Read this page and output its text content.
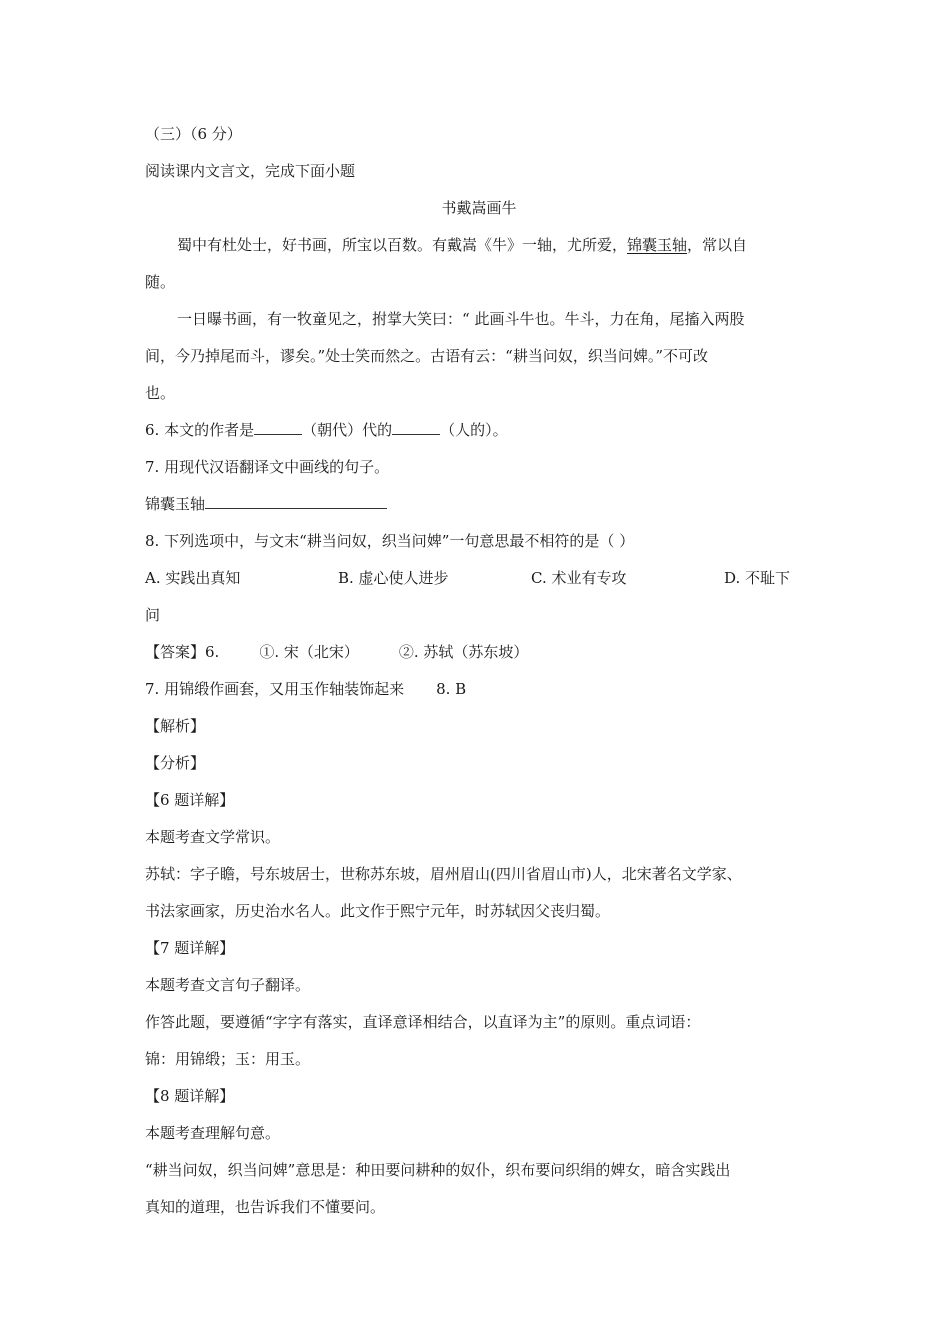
（三）（6 分）
阅读课内文言文，完成下面小题
书戴嵩画牛
蜀中有杜处士，好书画，所宝以百数。有戴嵩《牛》一轴，尤所爱，锦囊玉轴，常以自
随。
一日曝书画，有一牧童见之，拊掌大笑曰：“ 此画斗牛也。牛斗，力在角，尾搐入两股
间，今乃掉尾而斗，谬矣。”处士笑而然之。古语有云：“耕当问奴，织当问婢。”不可改
也。
6. 本文的作者是	（朝代）代的	（人的）。
7. 用现代汉语翻译文中画线的句子。
锦囊玉轴
8. 下列选项中，与文末“耕当问奴，织当问婢”一句意思最不相符的是（ ）
A. 实践出真知	B. 虚心使人进步	C. 术业有专攻	D. 不耻下
问
【答案】6.	①. 宋（北宋）	②. 苏轼（苏东坡）
7. 用锦缎作画套，又用玉作轴装饰起来 8. B
【解析】
【分析】
【6 题详解】
本题考查文学常识。
苏轼：字子瞻，号东坡居士，世称苏东坡，眉州眉山(四川省眉山市)人，北宋著名文学家、
书法家画家，历史治水名人。此文作于熙宁元年，时苏轼因父丧归蜀。
【7 题详解】
本题考查文言句子翻译。
作答此题，要遵循“字字有落实，直译意译相结合，以直译为主”的原则。重点词语：
锦：用锦缎；玉：用玉。
【8 题详解】
本题考查理解句意。
“耕当问奴，织当问婢”意思是：种田要问耕种的奴仆，织布要问织绢的婢女，暗含实践出
真知的道理，也告诉我们不懂要问。
